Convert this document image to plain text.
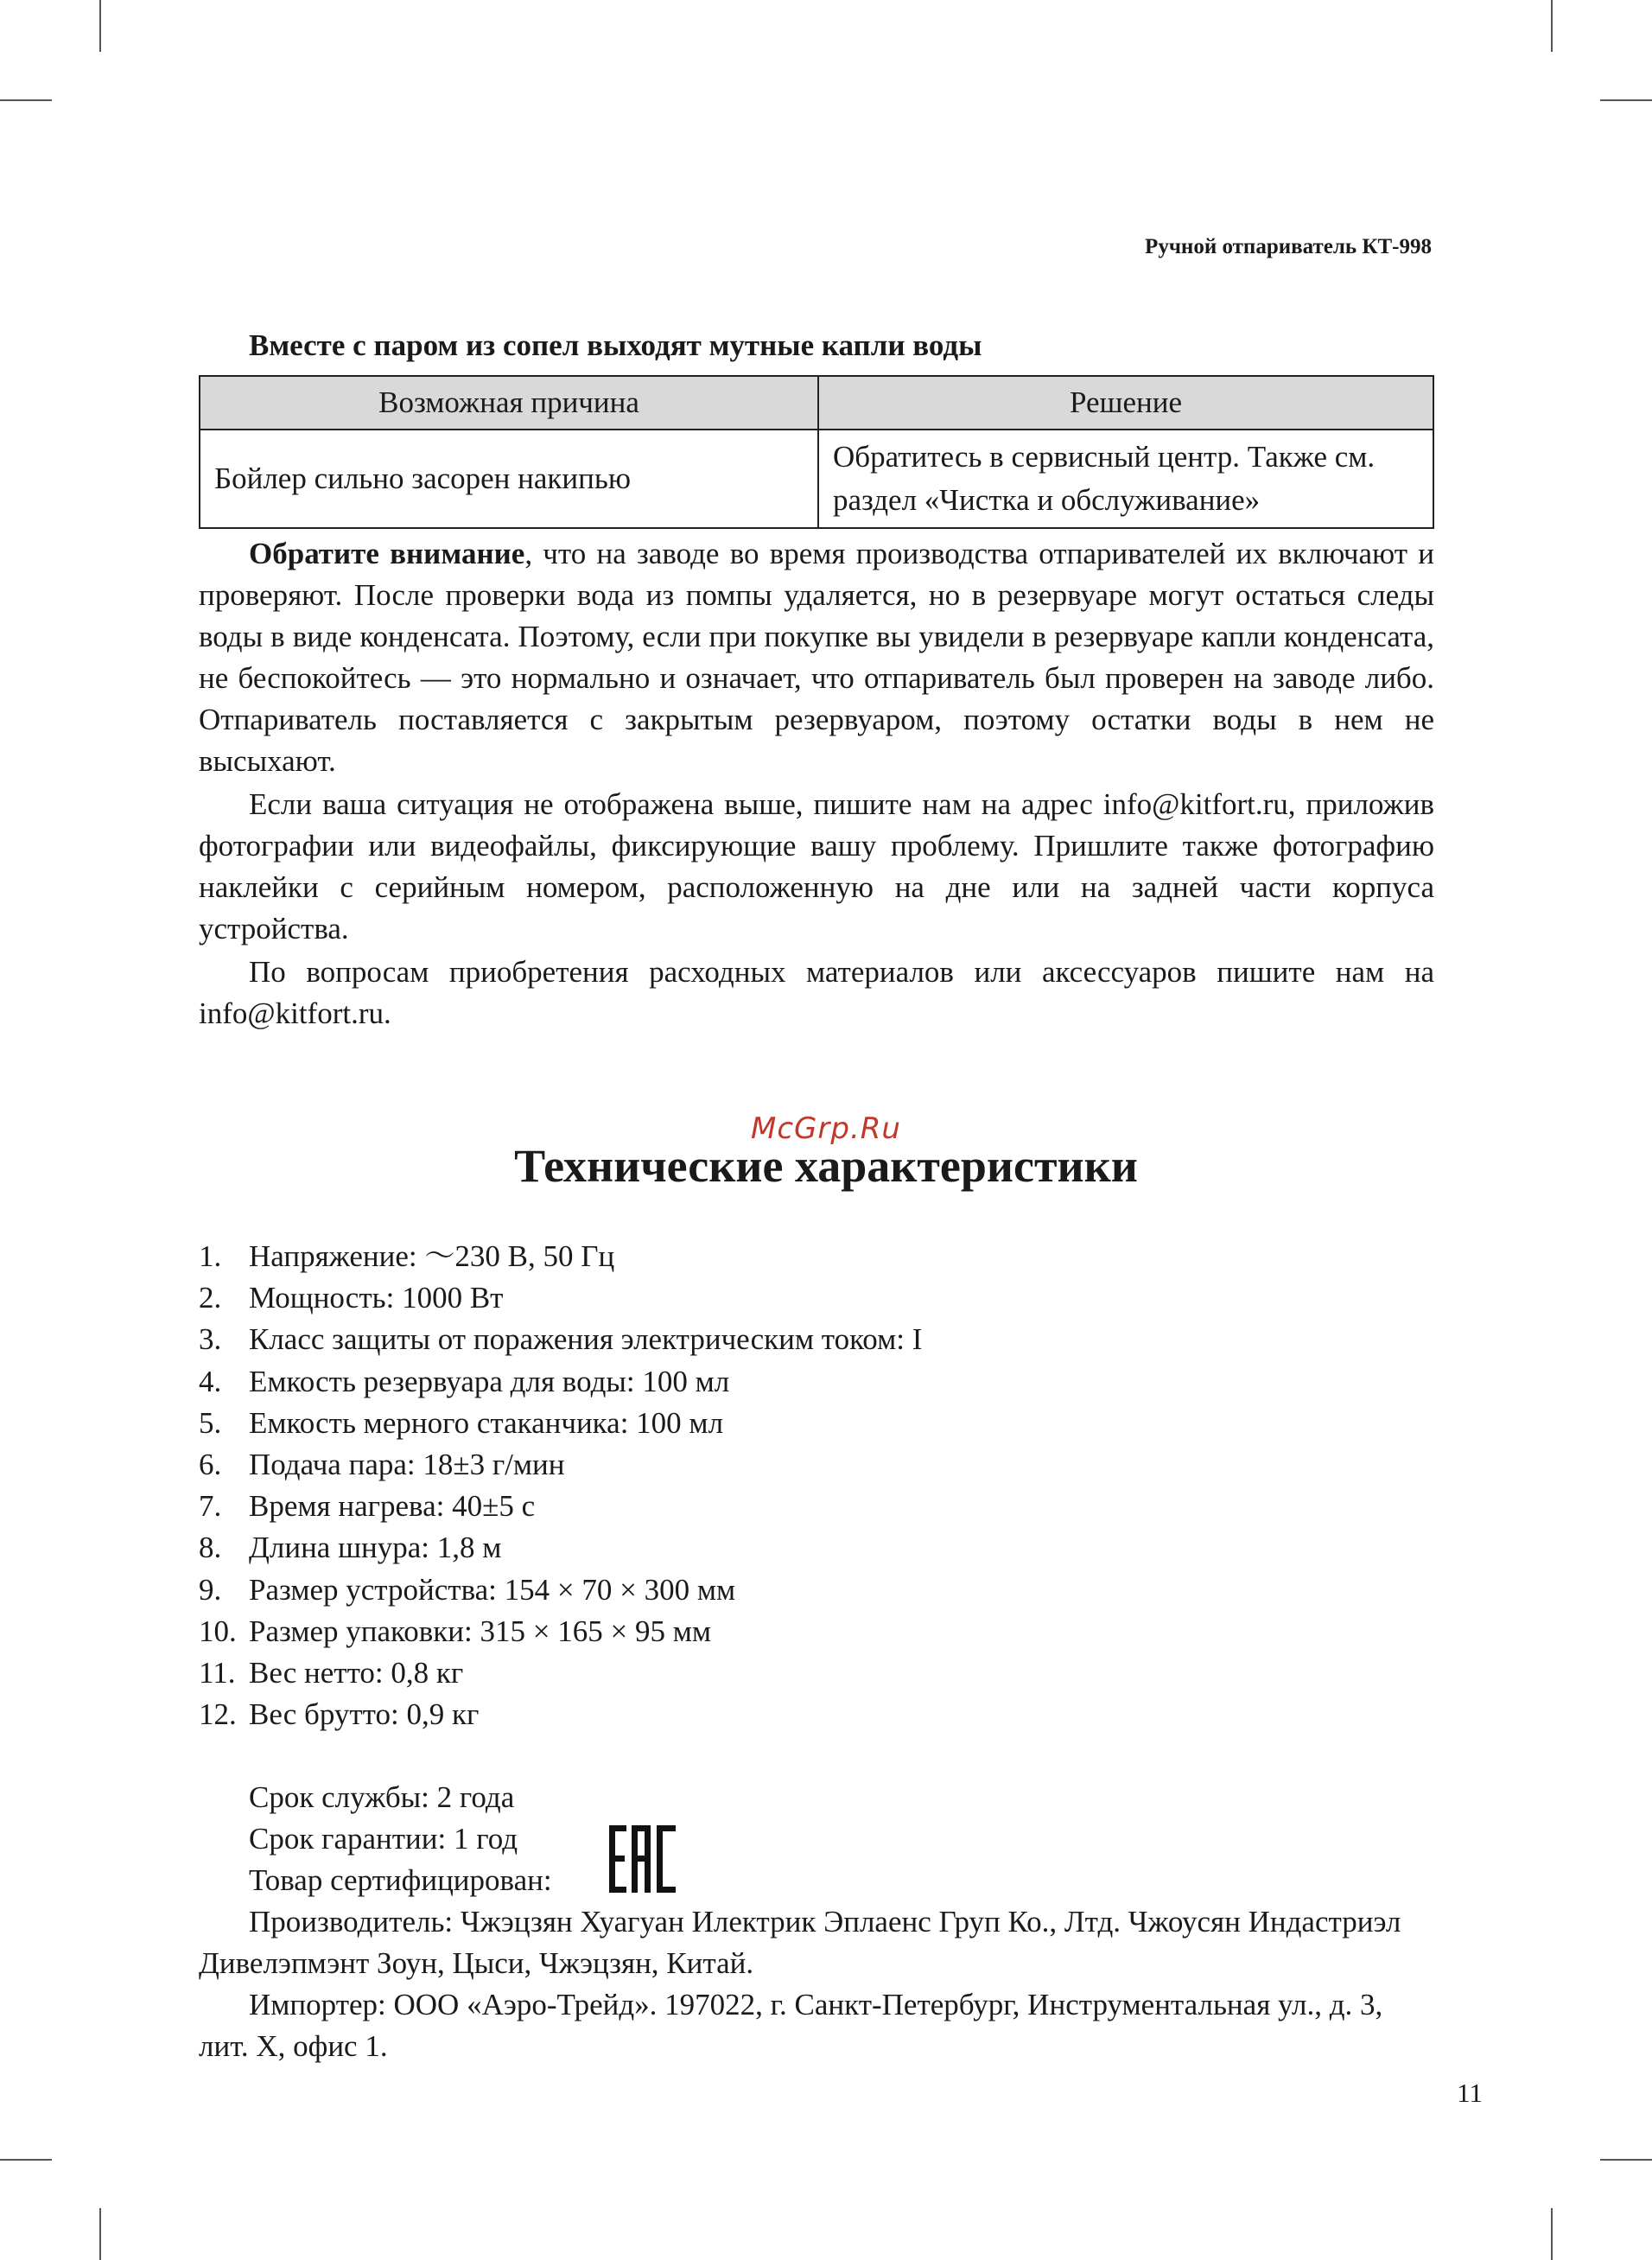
Ручной отпариватель КТ-998
Вместе с паром из сопел выходят мутные капли воды
Возможная причина	Решение
Бойлер сильно засорен накипью	Обратитесь в сервисный центр. Также см. раздел «Чистка и обслуживание»

Обратите внимание, что на заводе во время производства отпаривателей их включают и проверяют. После проверки вода из помпы удаляется, но в резервуаре могут остаться следы воды в виде конденсата. Поэтому, если при покупке вы увидели в резервуаре капли конденсата, не беспокойтесь — это нормально и означает, что отпариватель был проверен на заводе либо. Отпариватель поставляется с закрытым резервуаром, поэтому остатки воды в нем не высыхают.

Если ваша ситуация не отображена выше, пишите нам на адрес info@kitfort.ru, приложив фотографии или видеофайлы, фиксирующие вашу проблему. Пришлите также фотографию наклейки с серийным номером, расположенную на дне или на задней части корпуса устройства.

По вопросам приобретения расходных материалов или аксессуаров пишите нам на info@kitfort.ru.

McGrp.Ru
Технические характеристики
1. Напряжение: ～230 В, 50 Гц
2. Мощность: 1000 Вт
3. Класс защиты от поражения электрическим током: I
4. Емкость резервуара для воды: 100 мл
5. Емкость мерного стаканчика: 100 мл
6. Подача пара: 18±3 г/мин
7. Время нагрева: 40±5 с
8. Длина шнура: 1,8 м
9. Размер устройства: 154 × 70 × 300 мм
10. Размер упаковки: 315 × 165 × 95 мм
11. Вес нетто: 0,8 кг
12. Вес брутто: 0,9 кг

Срок службы: 2 года

Срок гарантии: 1 год

Товар сертифицирован:

Производитель: Чжэцзян Хуагуан Илектрик Эплаенс Груп Ко., Лтд. Чжоусян Индастриэл Дивелэпмэнт Зоун, Цыси, Чжэцзян, Китай.

Импортер: ООО «Аэро-Трейд». 197022, г. Санкт-Петербург, Инструментальная ул., д. 3, лит. Х, офис 1.

11
